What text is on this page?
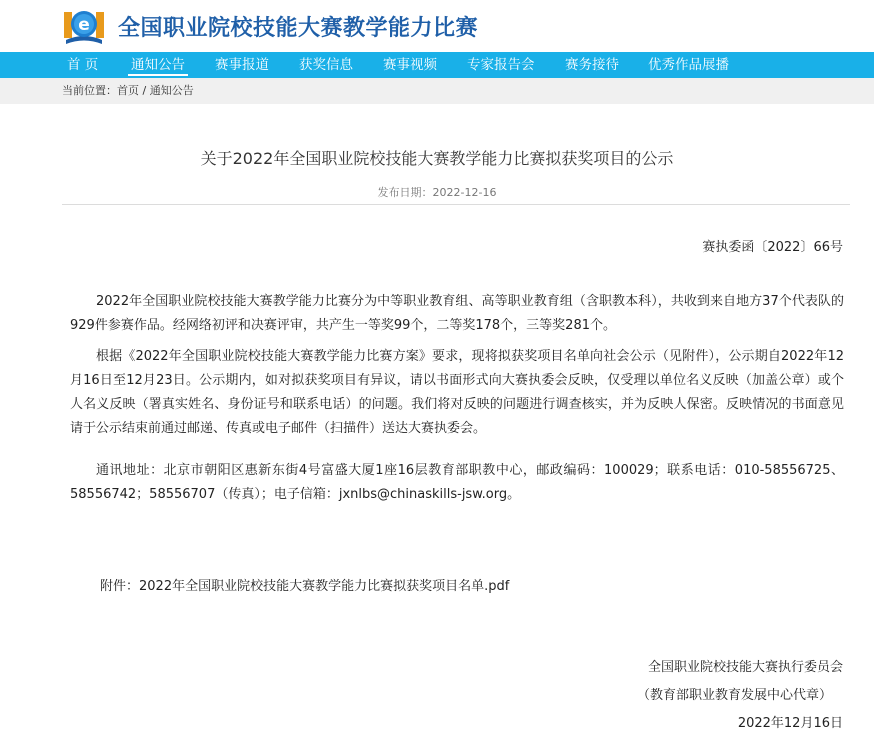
e 全国职业院校技能大赛教学能力比赛
首 页 通知公告 赛事报道 获奖信息 赛事视频 专家报告会 赛务接待 优秀作品展播
当前位置：首页 / 通知公告
关于2022年全国职业院校技能大赛教学能力比赛拟获奖项目的公示
发布日期：2022-12-16
赛执委函〔2022〕66号
2022年全国职业院校技能大赛教学能力比赛分为中等职业教育组、高等职业教育组（含职教本科），共收到来自地方37个代表队的929件参赛作品。经网络初评和决赛评审，共产生一等奖99个，二等奖178个，三等奖281个。
根据《2022年全国职业院校技能大赛教学能力比赛方案》要求，现将拟获奖项目名单向社会公示（见附件），公示期自2022年12月16日至12月23日。公示期内，如对拟获奖项目有异议，请以书面形式向大赛执委会反映，仅受理以单位名义反映（加盖公章）或个人名义反映（署真实姓名、身份证号和联系电话）的问题。我们将对反映的问题进行调查核实，并为反映人保密。反映情况的书面意见请于公示结束前通过邮递、传真或电子邮件（扫描件）送达大赛执委会。
通讯地址：北京市朝阳区惠新东街4号富盛大厦1座16层教育部职教中心，邮政编码：100029；联系电话：010-58556725、58556742；58556707（传真）；电子信箱：jxnlbs@chinaskills-jsw.org。
附件：2022年全国职业院校技能大赛教学能力比赛拟获奖项目名单.pdf
全国职业院校技能大赛执行委员会
（教育部职业教育发展中心代章）
2022年12月16日
